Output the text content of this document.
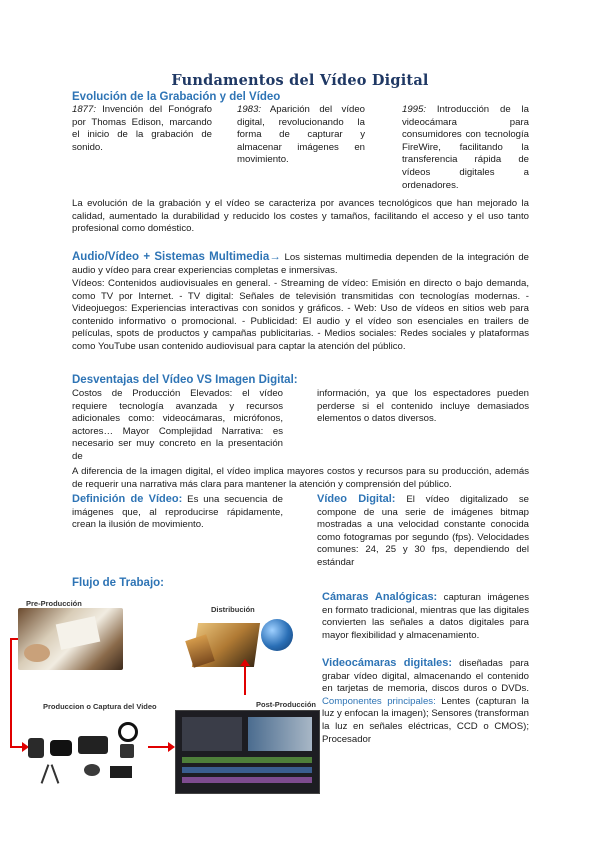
Fundamentos del Vídeo Digital
Evolución de la Grabación y del Vídeo
1877: Invención del Fonógrafo por Thomas Edison, marcando el inicio de la grabación de sonido.
1983: Aparición del vídeo digital, revolucionando la forma de capturar y almacenar imágenes en movimiento.
1995: Introducción de la videocámara para consumidores con tecnología FireWire, facilitando la transferencia rápida de vídeos digitales a ordenadores.
La evolución de la grabación y el vídeo se caracteriza por avances tecnológicos que han mejorado la calidad, aumentado la durabilidad y reducido los costes y tamaños, facilitando el acceso y el uso tanto profesional como doméstico.
Audio/Vídeo + Sistemas Multimedia→ Los sistemas multimedia dependen de la integración de audio y vídeo para crear experiencias completas e inmersivas.
Vídeos: Contenidos audiovisuales en general. - Streaming de vídeo: Emisión en directo o bajo demanda, como TV por Internet. - TV digital: Señales de televisión transmitidas con tecnologías modernas. - Videojuegos: Experiencias interactivas con sonidos y gráficos. - Web: Uso de vídeos en sitios web para contenido informativo o promocional. - Publicidad: El audio y el vídeo son esenciales en trailers de películas, spots de productos y campañas publicitarias. - Medios sociales: Redes sociales y plataformas como YouTube usan contenido audiovisual para captar la atención del público.
Desventajas del Vídeo VS Imagen Digital:
Costos de Producción Elevados: el vídeo requiere tecnología avanzada y recursos adicionales como: videocámaras, micrófonos, actores… Mayor Complejidad Narrativa: es necesario ser muy concreto en la presentación de
información, ya que los espectadores pueden perderse si el contenido incluye demasiados elementos o datos diversos.
A diferencia de la imagen digital, el vídeo implica mayores costos y recursos para su producción, además de requerir una narrativa más clara para mantener la atención y comprensión del público.
Definición de Vídeo: Es una secuencia de imágenes que, al reproducirse rápidamente, crean la ilusión de movimiento.
Vídeo Digital: El vídeo digitalizado se compone de una serie de imágenes bitmap mostradas a una velocidad constante conocida como fotogramas por segundo (fps). Velocidades comunes: 24, 25 y 30 fps, dependiendo del estándar
Flujo de Trabajo:
Pre-Producción
Distribución
Post-Producción
Produccion o Captura del Video
Cámaras Analógicas: capturan imágenes en formato tradicional, mientras que las digitales convierten las señales a datos digitales para mayor flexibilidad y almacenamiento.
Videocámaras digitales: diseñadas para grabar vídeo digital, almacenando el contenido en tarjetas de memoria, discos duros o DVDs. Componentes principales: Lentes (capturan la luz y enfocan la imagen); Sensores (transforman la luz en señales eléctricas, CCD o CMOS); Procesador
